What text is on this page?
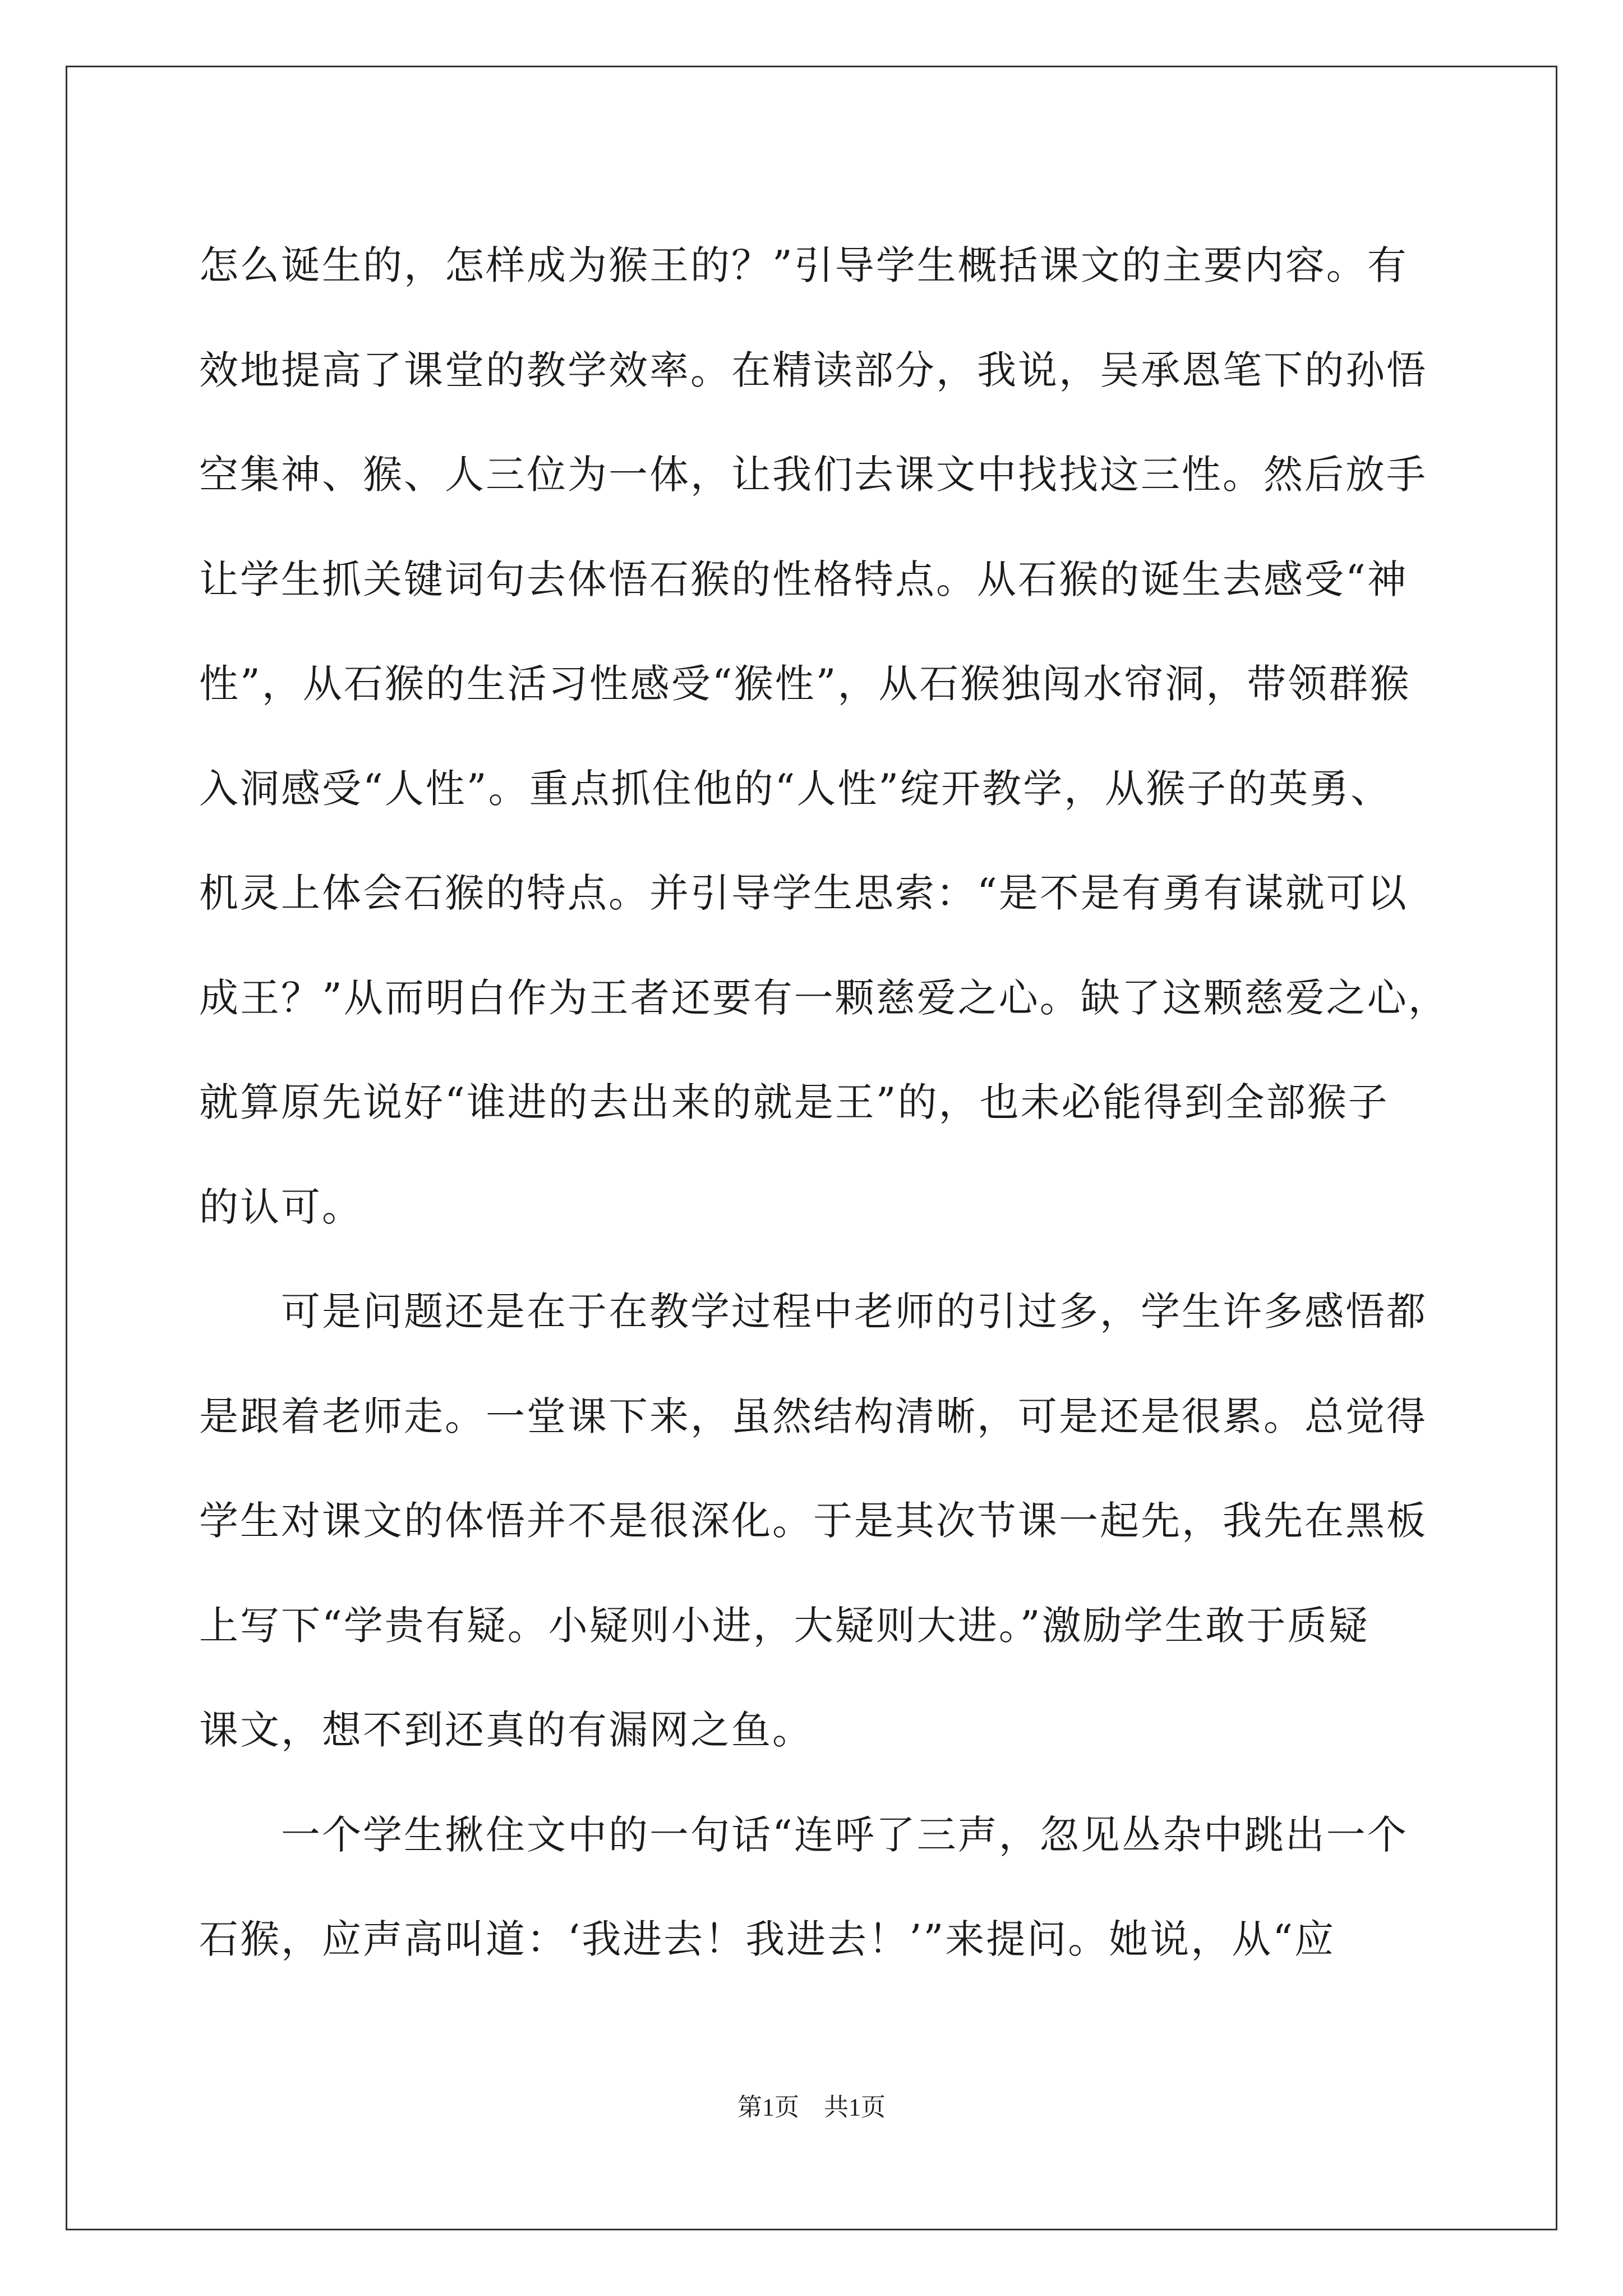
怎么诞生的，怎样成为猴王的？”引导学生概括课文的主要内容。有
效地提高了课堂的教学效率。在精读部分，我说，吴承恩笔下的孙悟
空集神、猴、人三位为一体，让我们去课文中找找这三性。然后放手
让学生抓关键词句去体悟石猴的性格特点。从石猴的诞生去感受“神
性”，从石猴的生活习性感受“猴性”，从石猴独闯水帘洞，带领群猴
入洞感受“人性”。重点抓住他的“人性”绽开教学，从猴子的英勇、
机灵上体会石猴的特点。并引导学生思索：“是不是有勇有谋就可以
成王？”从而明白作为王者还要有一颗慈爱之心。缺了这颗慈爱之心，
就算原先说好“谁进的去出来的就是王”的，也未必能得到全部猴子
的认可。
　　可是问题还是在于在教学过程中老师的引过多，学生许多感悟都
是跟着老师走。一堂课下来，虽然结构清晰，可是还是很累。总觉得
学生对课文的体悟并不是很深化。于是其次节课一起先，我先在黑板
上写下“学贵有疑。小疑则小进，大疑则大进。”激励学生敢于质疑
课文，想不到还真的有漏网之鱼。
　　一个学生揪住文中的一句话“连呼了三声，忽见丛杂中跳出一个
石猴，应声高叫道：‘我进去！我进去！’”来提问。她说，从“应
第1页　共1页
